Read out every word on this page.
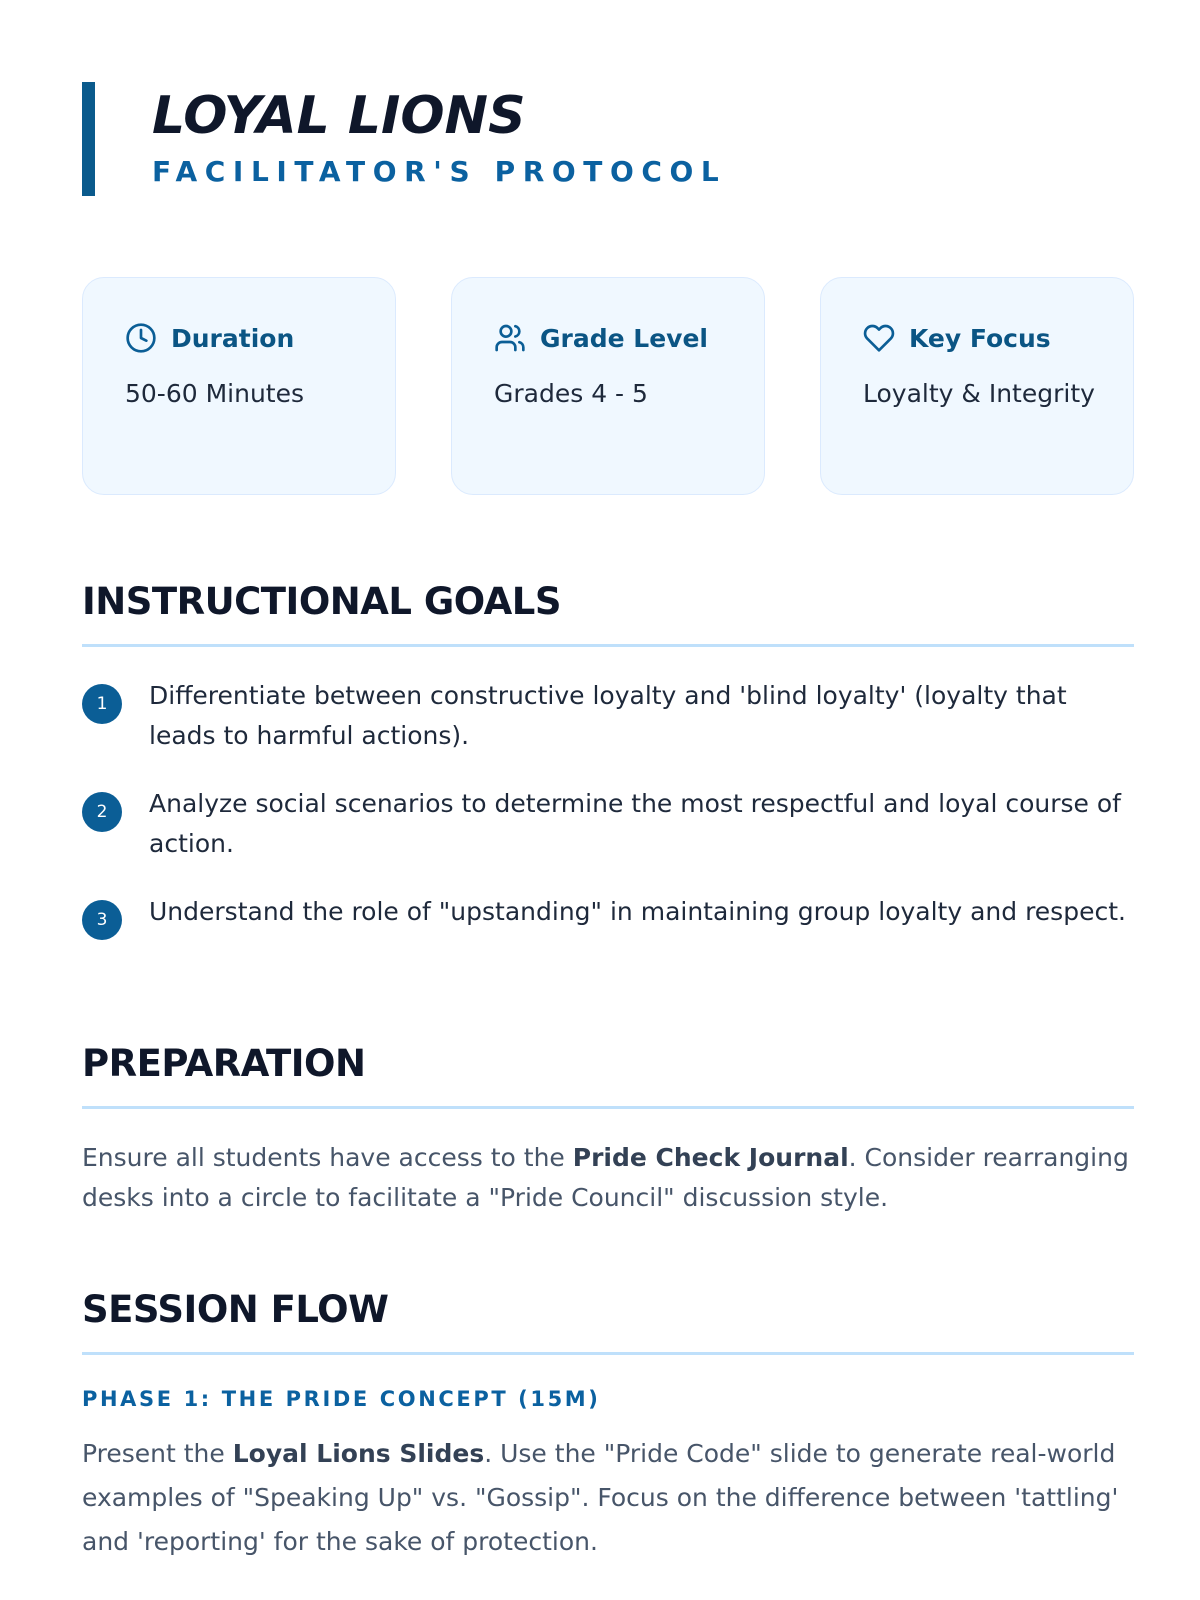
LOYAL LIONS
FACILITATOR'S PROTOCOL
Duration
50-60 Minutes
Grade Level
Grades 4 - 5
Key Focus
Loyalty & Integrity
INSTRUCTIONAL GOALS
1	Differentiate between constructive loyalty and 'blind loyalty' (loyalty that leads to harmful actions).
2	Analyze social scenarios to determine the most respectful and loyal course of action.
3	Understand the role of "upstanding" in maintaining group loyalty and respect.
PREPARATION
Ensure all students have access to the Pride Check Journal. Consider rearranging desks into a circle to facilitate a "Pride Council" discussion style.
SESSION FLOW
PHASE 1: THE PRIDE CONCEPT (15M)
Present the Loyal Lions Slides. Use the "Pride Code" slide to generate real-world examples of "Speaking Up" vs. "Gossip". Focus on the difference between 'tattling' and 'reporting' for the sake of protection.
